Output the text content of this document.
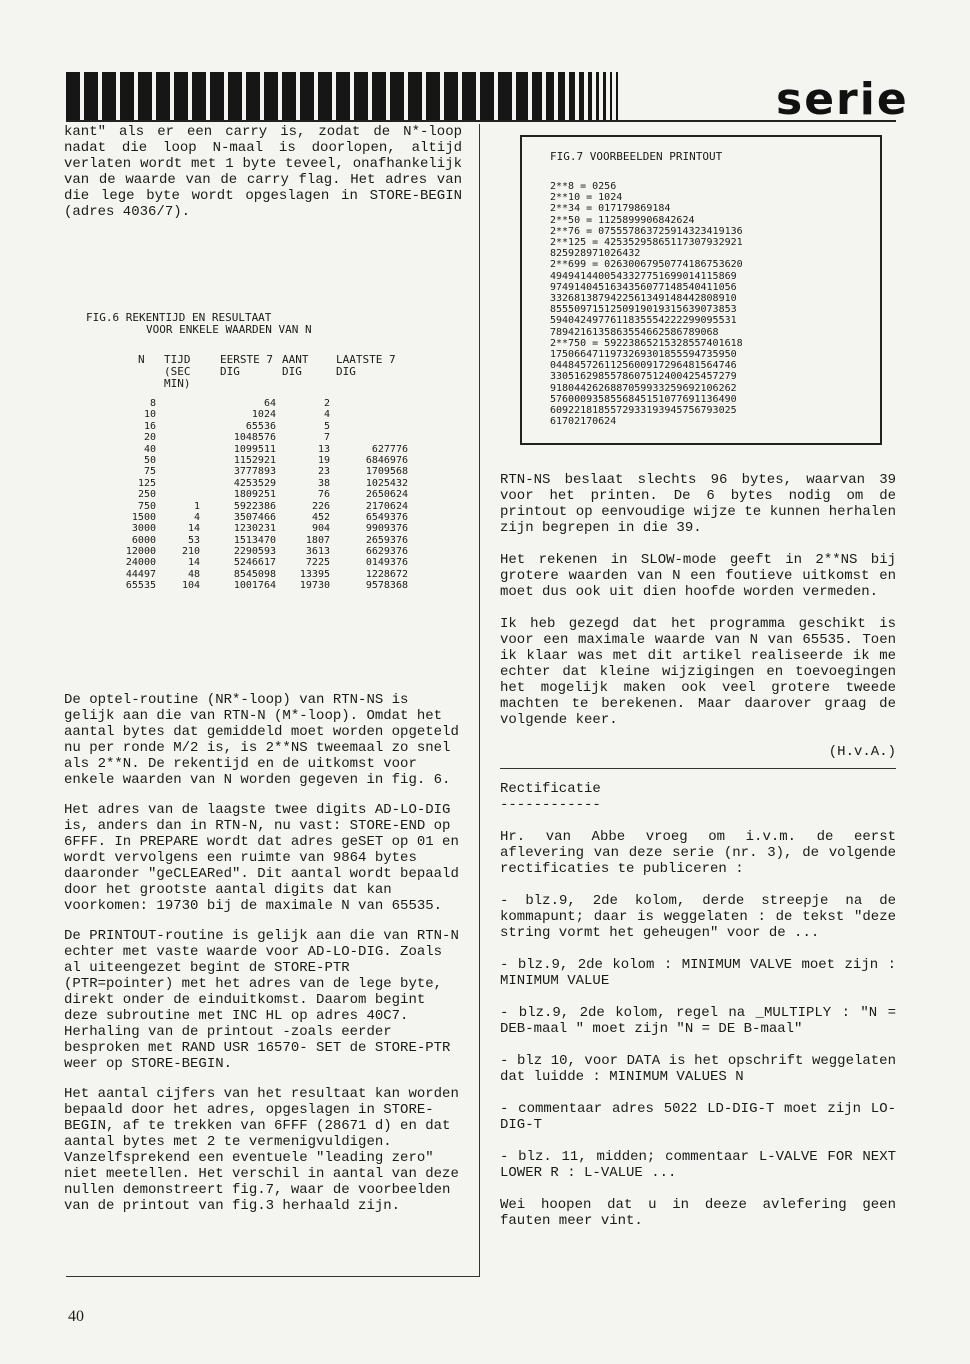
serie

kant" als er een carry is, zodat de N*-loop nadat die loop N-maal is doorlopen, altijd verlaten wordt met 1 byte teveel, onafhankelijk van de waarde van de carry flag. Het adres van die lege byte wordt opgeslagen in STORE-BEGIN (adres 4036/7).

FIG.6 REKENTIJD EN RESULTAAT
VOOR ENKELE WAARDEN VAN N
N TIJD (SEC MIN)
EERSTE 7 DIG
AANT DIG
LAATSTE 7 DIG
8
10
16
20
40
50
75
125
250
750
1500
3000
6000
12000
24000
44497
65535
1
4
14
53
210
14
48
104
64
1024
65536
1048576
1099511
1152921
3777893
4253529
1809251
5922386
3507466
1230231
1513470
2290593
5246617
8545098
1001764
2
4
5
7
13
19
23
38
76
226
452
904
1807
3613
7225
13395
19730
627776
6846976
1709568
1025432
2650624
2170624
6549376
9909376
2659376
6629376
0149376
1228672
9578368

De optel-routine (NR*-loop) van RTN-NS is gelijk aan die van RTN-N (M*-loop). Omdat het aantal bytes dat gemiddeld moet worden opgeteld nu per ronde M/2 is, is 2**NS tweemaal zo snel als 2**N. De rekentijd en de uitkomst voor enkele waarden van N worden gegeven in fig. 6.

Het adres van de laagste twee digits AD-LO-DIG is, anders dan in RTN-N, nu vast: STORE-END op 6FFF. In PREPARE wordt dat adres geSET op 01 en wordt vervolgens een ruimte van 9864 bytes daaronder "geCLEARed". Dit aantal wordt bepaald door het grootste aantal digits dat kan voorkomen: 19730 bij de maximale N van 65535.

De PRINTOUT-routine is gelijk aan die van RTN-N echter met vaste waarde voor AD-LO-DIG. Zoals al uiteengezet begint de STORE-PTR (PTR=pointer) met het adres van de lege byte, direkt onder de einduitkomst. Daarom begint deze subroutine met INC HL op adres 40C7. Herhaling van de printout -zoals eerder besproken met RAND USR 16570- SET de STORE-PTR weer op STORE-BEGIN.

Het aantal cijfers van het resultaat kan worden bepaald door het adres, opgeslagen in STORE-BEGIN, af te trekken van 6FFF (28671 d) en dat aantal bytes met 2 te vermenigvuldigen. Vanzelfsprekend een eventuele "leading zero" niet meetellen. Het verschil in aantal van deze nullen demonstreert fig.7, waar de voorbeelden van de printout van fig.3 herhaald zijn.

FIG.7 VOORBEELDEN PRINTOUT
2**8 = 0256
2**10 = 1024
2**34 = 017179869184
2**50 = 1125899906842624
2**76 = 075557863725914323419136
2**125 = 42535295865117307932921
825928971026432
2**699 = 02630067950774186753620
4949414400543327751699014115869
9749140451634356077148540411056
3326813879422561349148442808910
8555097151250919019315639073853
5940424977611835554222299095531
7894216135863554662586789068
2**750 = 59223865215328557401618
1750664711973269301855594735950
0448457261125600917296481564746
3305162985578607512400425457279
9180442626887059933259692106262
5760009358556845151077691136490
6092218185572933193945756793025
61702170624

RTN-NS beslaat slechts 96 bytes, waarvan 39 voor het printen. De 6 bytes nodig om de printout op eenvoudige wijze te kunnen herhalen zijn begrepen in die 39.

Het rekenen in SLOW-mode geeft in 2**NS bij grotere waarden van N een foutieve uitkomst en moet dus ook uit dien hoofde worden vermeden.

Ik heb gezegd dat het programma geschikt is voor een maximale waarde van N van 65535. Toen ik klaar was met dit artikel realiseerde ik me echter dat kleine wijzigingen en toevoegingen het mogelijk maken ook veel grotere tweede machten te berekenen. Maar daarover graag de volgende keer.

(H.v.A.)

Rectificatie

------------

Hr. van Abbe vroeg om i.v.m. de eerst aflevering van deze serie (nr. 3), de volgende rectificaties te publiceren :

- blz.9, 2de kolom, derde streepje na de kommapunt; daar is weggelaten : de tekst "deze string vormt het geheugen" voor de ...

- blz.9, 2de kolom : MINIMUM VALVE moet zijn : MINIMUM VALUE

- blz.9, 2de kolom, regel na _MULTIPLY : "N = DEB-maal " moet zijn "N = DE B-maal"

- blz 10, voor DATA is het opschrift weggelaten dat luidde : MINIMUM VALUES N

- commentaar adres 5022 LD-DIG-T moet zijn LO-DIG-T

- blz. 11, midden; commentaar L-VALVE FOR NEXT LOWER R : L-VALUE ...

Wei hoopen dat u in deeze avlefering geen fauten meer vint.

40
